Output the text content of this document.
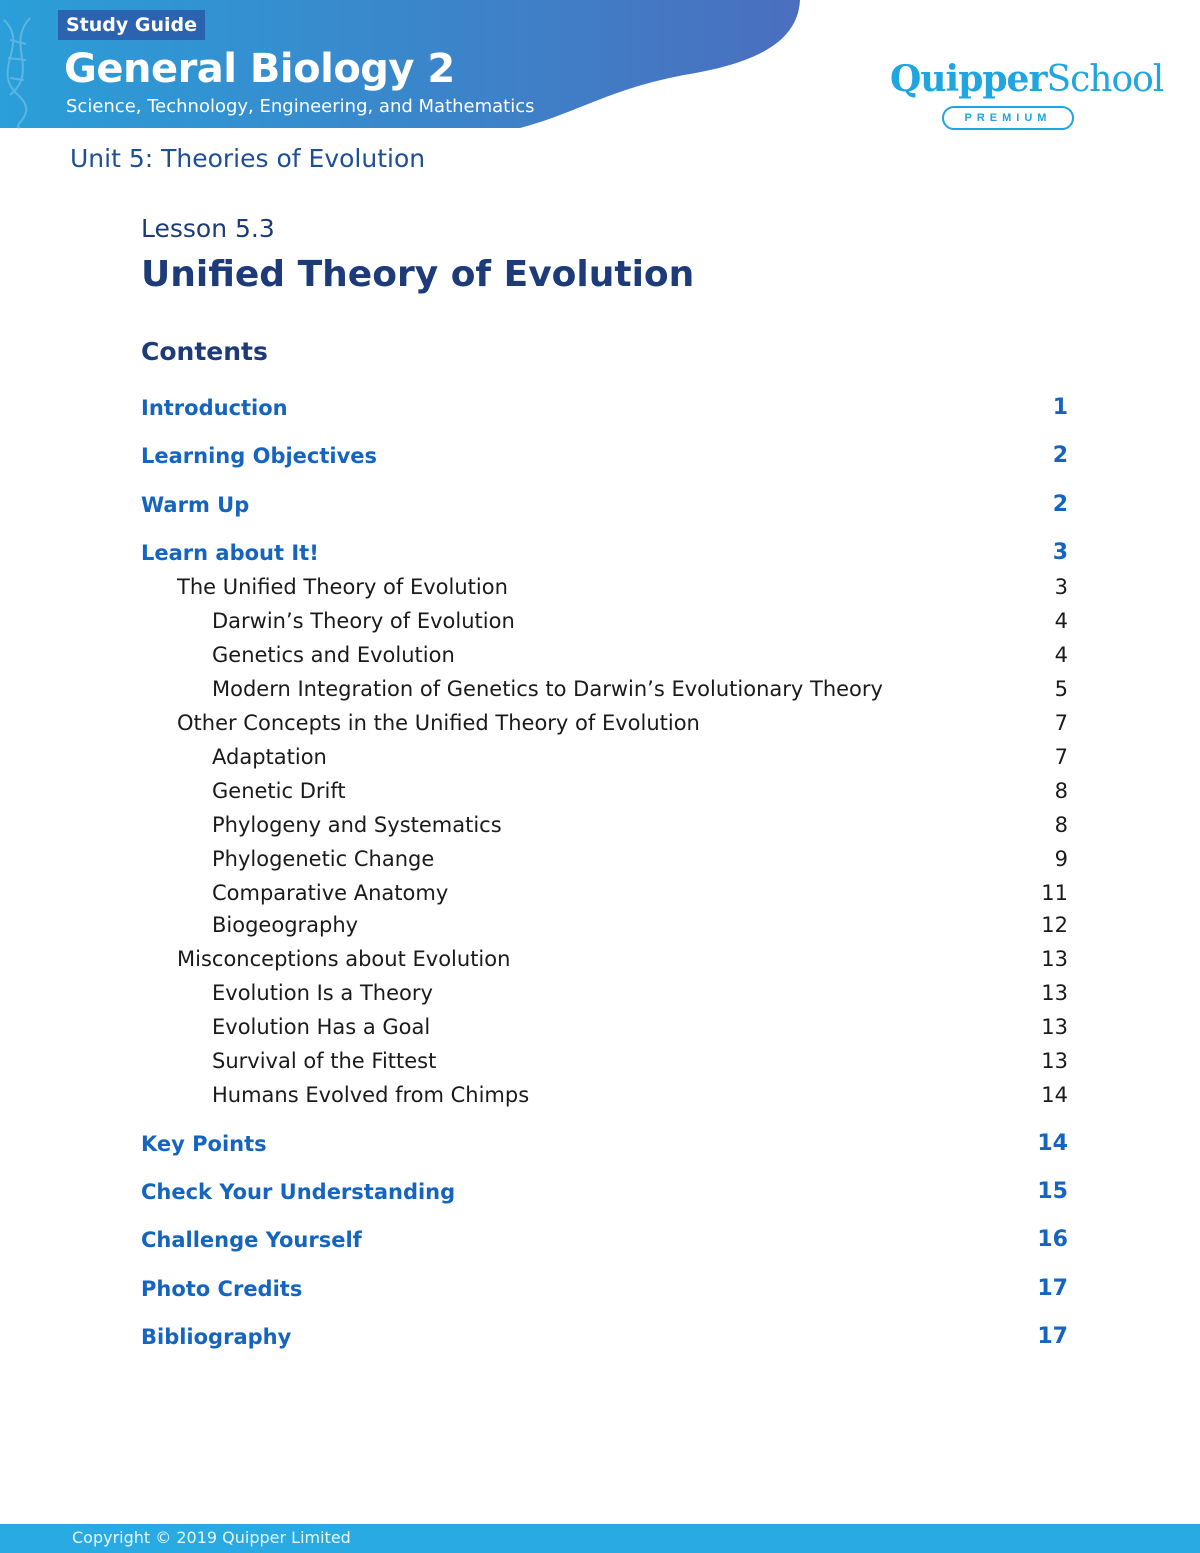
Study Guide
General Biology 2
Science, Technology, Engineering, and Mathematics
QuipperSchool
PREMIUM
Unit 5: Theories of Evolution
Lesson 5.3
Unified Theory of Evolution
Contents
Introduction	1
Learning Objectives	2
Warm Up	2
Learn about It!	3
The Unified Theory of Evolution	3
Darwin’s Theory of Evolution	4
Genetics and Evolution	4
Modern Integration of Genetics to Darwin’s Evolutionary Theory	5
Other Concepts in the Unified Theory of Evolution	7
Adaptation	7
Genetic Drift	8
Phylogeny and Systematics	8
Phylogenetic Change	9
Comparative Anatomy	11
Biogeography	12
Misconceptions about Evolution	13
Evolution Is a Theory	13
Evolution Has a Goal	13
Survival of the Fittest	13
Humans Evolved from Chimps	14
Key Points	14
Check Your Understanding	15
Challenge Yourself	16
Photo Credits	17
Bibliography	17
Copyright © 2019 Quipper Limited
